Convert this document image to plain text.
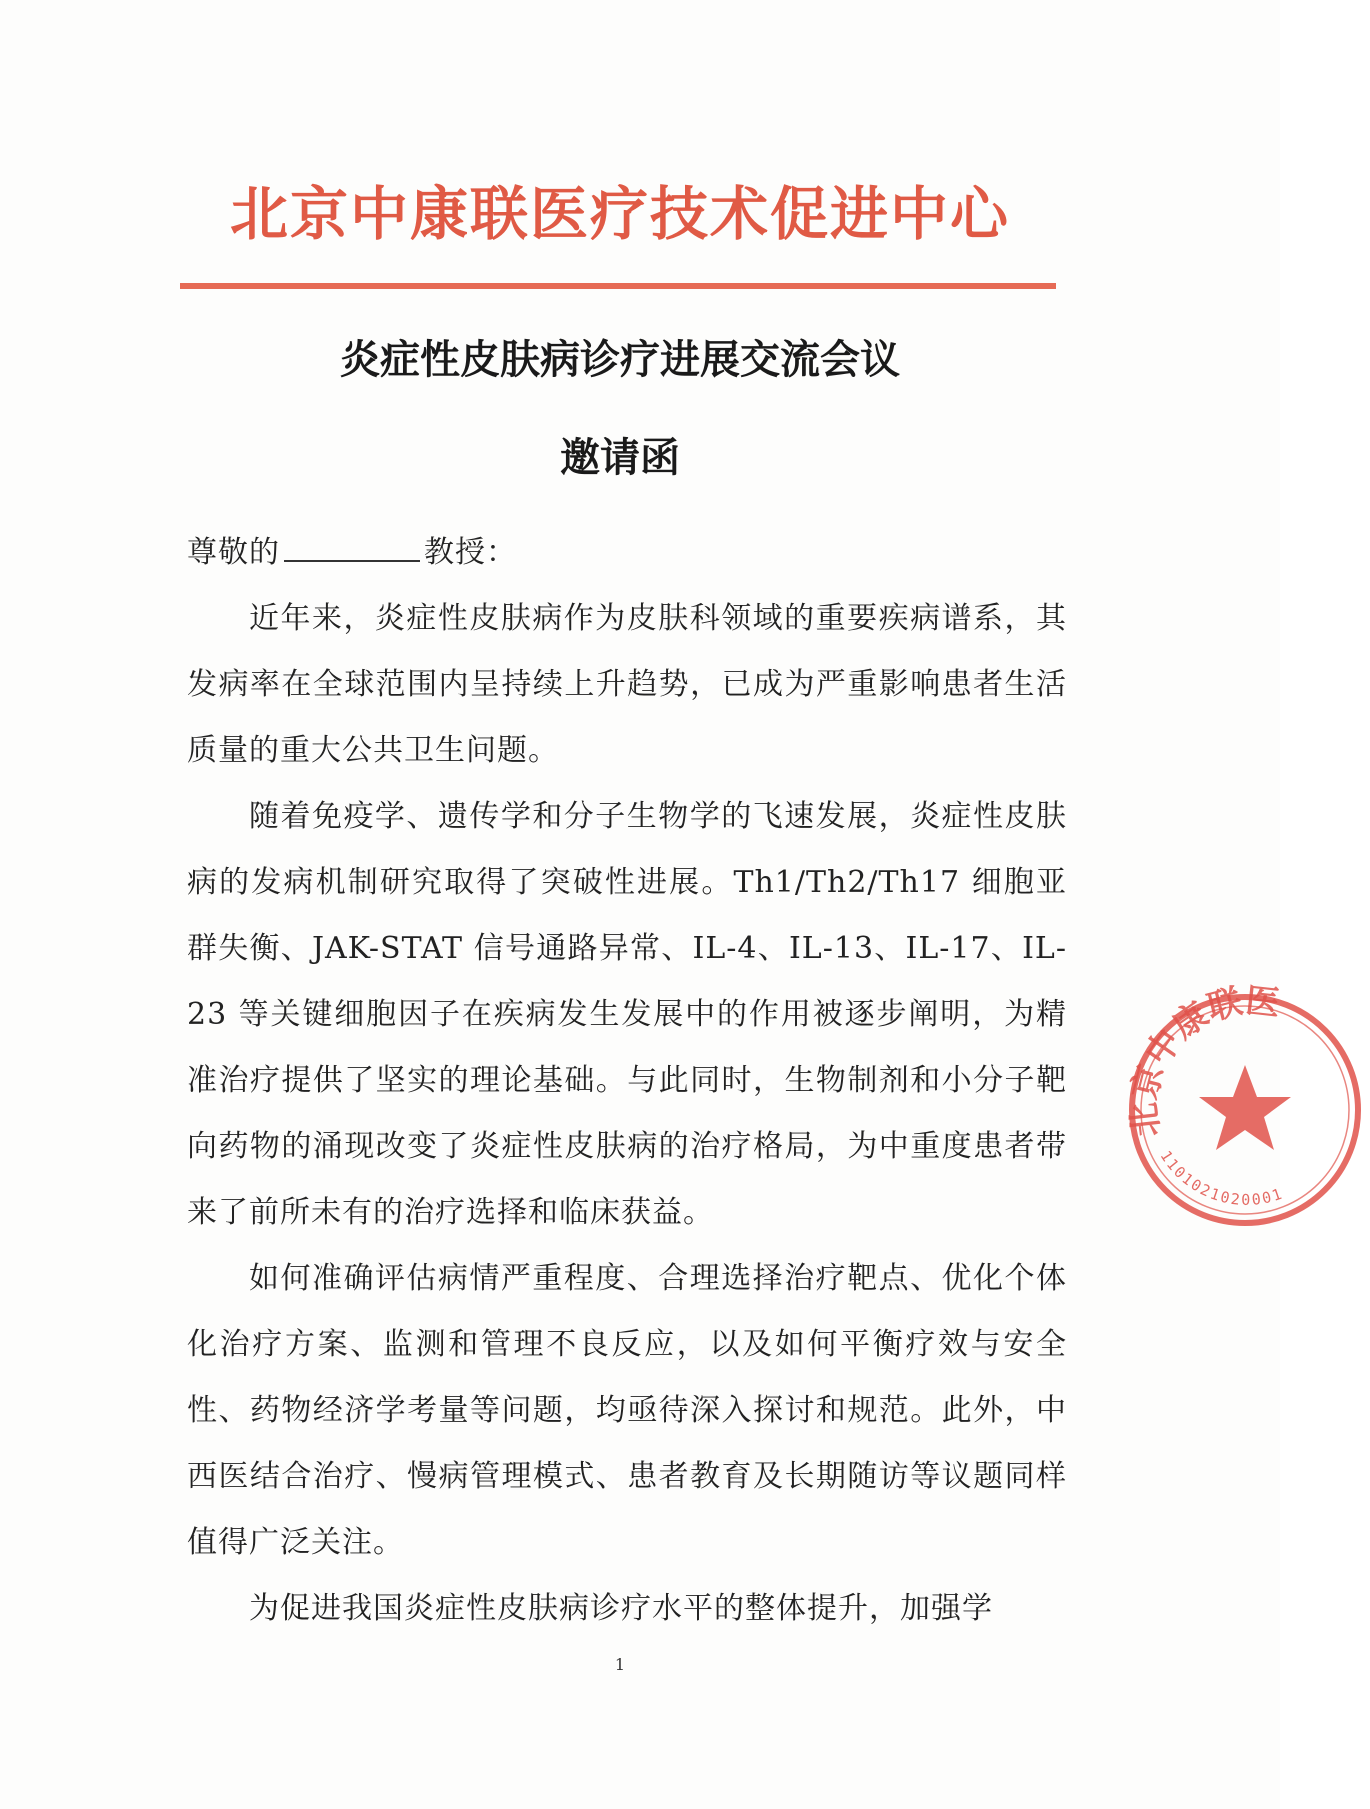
北京中康联医疗技术促进中心
炎症性皮肤病诊疗进展交流会议
邀请函

尊敬的	教授：

近年来，炎症性皮肤病作为皮肤科领域的重要疾病谱系，其发病率在全球范围内呈持续上升趋势，已成为严重影响患者生活质量的重大公共卫生问题。

随着免疫学、遗传学和分子生物学的飞速发展，炎症性皮肤病的发病机制研究取得了突破性进展。Th1/Th2/Th17 细胞亚群失衡、JAK-STAT 信号通路异常、IL-4、IL-13、IL-17、IL-23 等关键细胞因子在疾病发生发展中的作用被逐步阐明，为精准治疗提供了坚实的理论基础。与此同时，生物制剂和小分子靶向药物的涌现改变了炎症性皮肤病的治疗格局，为中重度患者带来了前所未有的治疗选择和临床获益。

如何准确评估病情严重程度、合理选择治疗靶点、优化个体化治疗方案、监测和管理不良反应，以及如何平衡疗效与安全性、药物经济学考量等问题，均亟待深入探讨和规范。此外，中西医结合治疗、慢病管理模式、患者教育及长期随访等议题同样值得广泛关注。

为促进我国炎症性皮肤病诊疗水平的整体提升，加强学

北京中康联医
1101021020001
1
